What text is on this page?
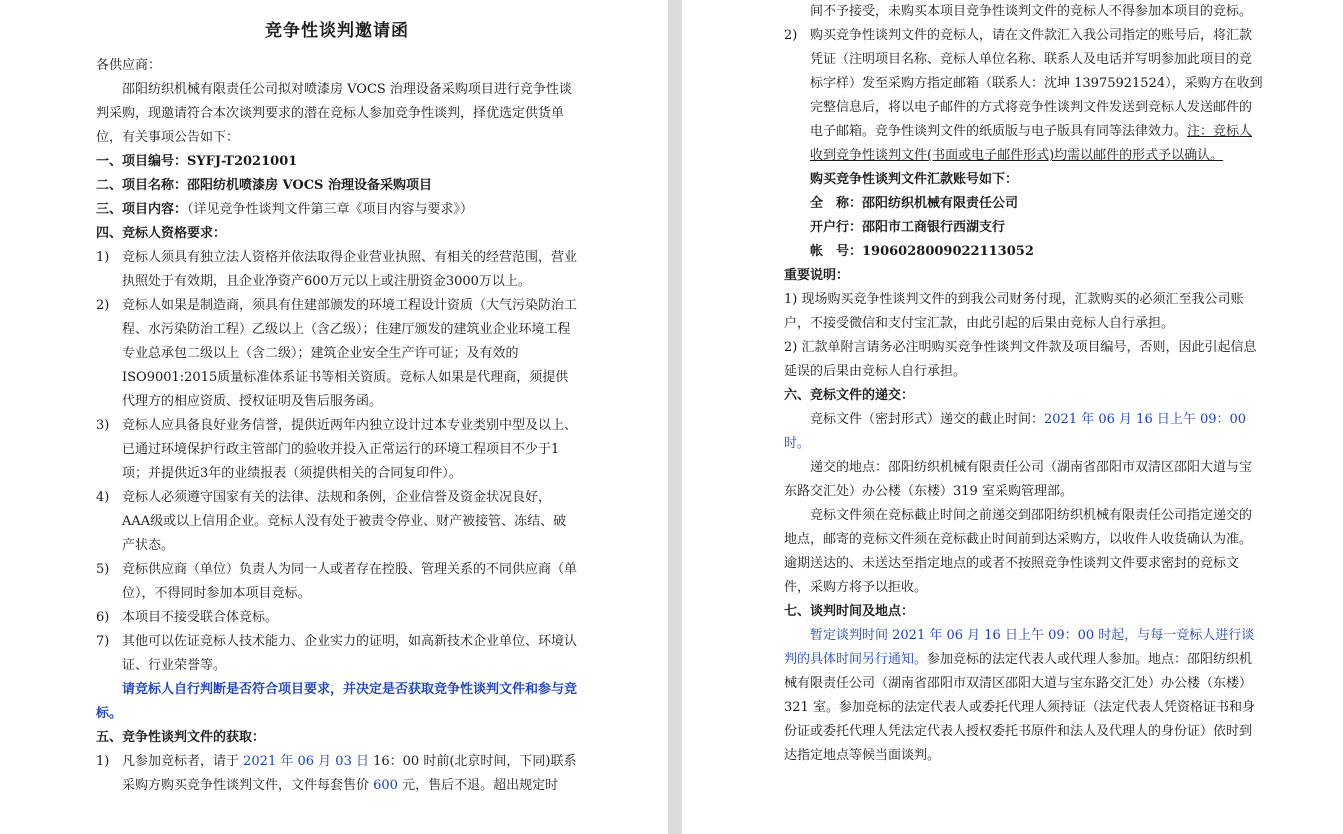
竞争性谈判邀请函

各供应商：

邵阳纺织机械有限责任公司拟对喷漆房 VOCS 治理设备采购项目进行竞争性谈判采购，现邀请符合本次谈判要求的潜在竞标人参加竞争性谈判，择优选定供货单位，有关事项公告如下：

一、项目编号：SYFJ-T2021001

二、项目名称：邵阳纺机喷漆房 VOCS 治理设备采购项目

三、项目内容：（详见竞争性谈判文件第三章《项目内容与要求》）

四、竞标人资格要求：

1) 竞标人须具有独立法人资格并依法取得企业营业执照、有相关的经营范围，营业执照处于有效期，且企业净资产600万元以上或注册资金3000万以上。
2) 竞标人如果是制造商，须具有住建部颁发的环境工程设计资质（大气污染防治工程、水污染防治工程）乙级以上（含乙级）；住建厅颁发的建筑业企业环境工程专业总承包二级以上（含二级）；建筑企业安全生产许可证；及有效的ISO9001:2015质量标准体系证书等相关资质。竞标人如果是代理商，须提供代理方的相应资质、授权证明及售后服务函。
3) 竞标人应具备良好业务信誉，提供近两年内独立设计过本专业类别中型及以上、已通过环境保护行政主管部门的验收并投入正常运行的环境工程项目不少于1项；并提供近3年的业绩报表（须提供相关的合同复印件）。
4) 竞标人必须遵守国家有关的法律、法规和条例，企业信誉及资金状况良好，AAA级或以上信用企业。竞标人没有处于被责令停业、财产被接管、冻结、破产状态。
5) 竞标供应商（单位）负责人为同一人或者存在控股、管理关系的不同供应商（单位），不得同时参加本项目竞标。
6) 本项目不接受联合体竞标。
7) 其他可以佐证竞标人技术能力、企业实力的证明，如高新技术企业单位、环境认证、行业荣誉等。

请竞标人自行判断是否符合项目要求，并决定是否获取竞争性谈判文件和参与竞标。

五、竞争性谈判文件的获取：

1) 凡参加竞标者，请于 2021 年 06 月 03 日 16：00 时前(北京时间，下同)联系采购方购买竞争性谈判文件，文件每套售价 600 元，售后不退。超出规定时

间不予接受，未购买本项目竞争性谈判文件的竞标人不得参加本项目的竞标。

2) 购买竞争性谈判文件的竞标人，请在文件款汇入我公司指定的账号后，将汇款凭证（注明项目名称、竞标人单位名称、联系人及电话并写明参加此项目的竞标字样）发至采购方指定邮箱（联系人：沈坤 13975921524），采购方在收到完整信息后，将以电子邮件的方式将竞争性谈判文件发送到竞标人发送邮件的电子邮箱。竞争性谈判文件的纸质版与电子版具有同等法律效力。注：竞标人收到竞争性谈判文件(书面或电子邮件形式)均需以邮件的形式予以确认。

购买竞争性谈判文件汇款账号如下：

全　称：邵阳纺织机械有限责任公司

开户行：邵阳市工商银行西湖支行

帐　号：1906028009022113052

重要说明：

1) 现场购买竞争性谈判文件的到我公司财务付现，汇款购买的必须汇至我公司账户，不接受微信和支付宝汇款，由此引起的后果由竞标人自行承担。

2) 汇款单附言请务必注明购买竞争性谈判文件款及项目编号，否则，因此引起信息延误的后果由竞标人自行承担。

六、竞标文件的递交：

竞标文件（密封形式）递交的截止时间：2021 年 06 月 16 日上午 09：00 时。

递交的地点：邵阳纺织机械有限责任公司（湖南省邵阳市双清区邵阳大道与宝东路交汇处）办公楼（东楼）319 室采购管理部。

竞标文件须在竞标截止时间之前递交到邵阳纺织机械有限责任公司指定递交的地点，邮寄的竞标文件须在竞标截止时间前到达采购方，以收件人收货确认为准。逾期送达的、未送达至指定地点的或者不按照竞争性谈判文件要求密封的竞标文件，采购方将予以拒收。

七、谈判时间及地点：

暂定谈判时间 2021 年 06 月 16 日上午 09：00 时起，与每一竞标人进行谈判的具体时间另行通知。参加竞标的法定代表人或代理人参加。地点：邵阳纺织机械有限责任公司（湖南省邵阳市双清区邵阳大道与宝东路交汇处）办公楼（东楼）321 室。参加竞标的法定代表人或委托代理人须持证（法定代表人凭资格证书和身份证或委托代理人凭法定代表人授权委托书原件和法人及代理人的身份证）依时到达指定地点等候当面谈判。
